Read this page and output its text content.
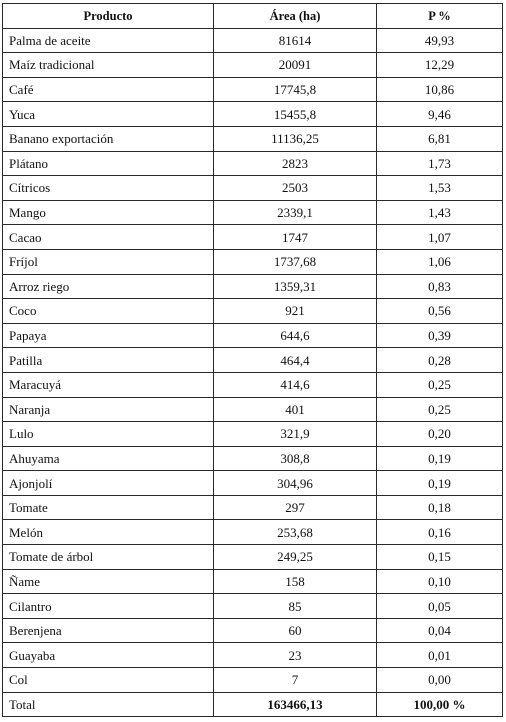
Producto	Área (ha)	P %
Palma de aceite	81614	49,93
Maíz tradicional	20091	12,29
Café	17745,8	10,86
Yuca	15455,8	9,46
Banano exportación	11136,25	6,81
Plátano	2823	1,73
Cítricos	2503	1,53
Mango	2339,1	1,43
Cacao	1747	1,07
Fríjol	1737,68	1,06
Arroz riego	1359,31	0,83
Coco	921	0,56
Papaya	644,6	0,39
Patilla	464,4	0,28
Maracuyá	414,6	0,25
Naranja	401	0,25
Lulo	321,9	0,20
Ahuyama	308,8	0,19
Ajonjolí	304,96	0,19
Tomate	297	0,18
Melón	253,68	0,16
Tomate de árbol	249,25	0,15
Ñame	158	0,10
Cilantro	85	0,05
Berenjena	60	0,04
Guayaba	23	0,01
Col	7	0,00
Total	163466,13	100,00 %
